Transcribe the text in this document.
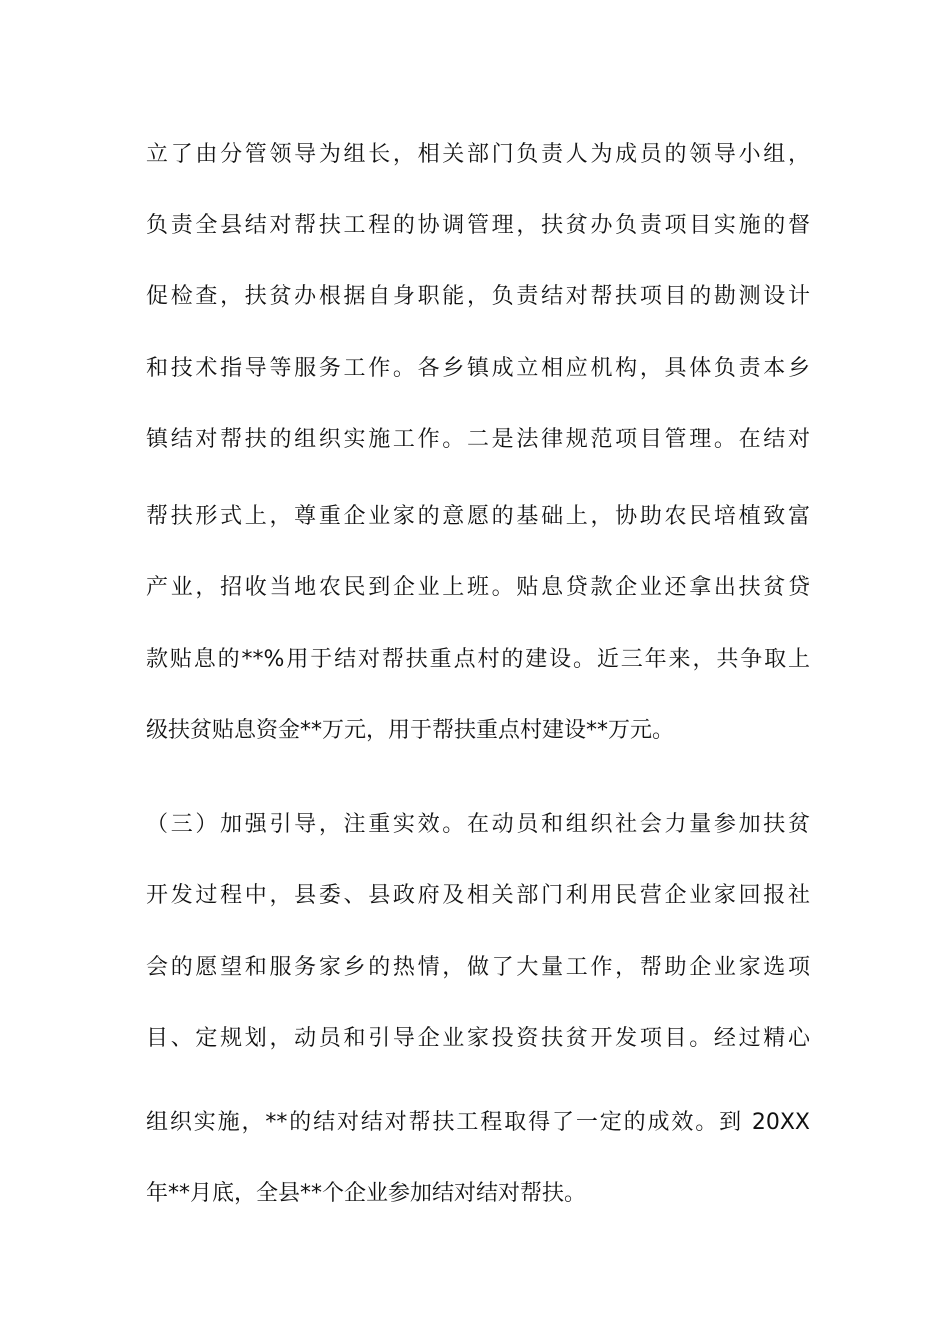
立了由分管领导为组长，相关部门负责人为成员的领导小组，
负责全县结对帮扶工程的协调管理，扶贫办负责项目实施的督
促检查，扶贫办根据自身职能，负责结对帮扶项目的勘测设计
和技术指导等服务工作。各乡镇成立相应机构，具体负责本乡
镇结对帮扶的组织实施工作。二是法律规范项目管理。在结对
帮扶形式上，尊重企业家的意愿的基础上，协助农民培植致富
产业，招收当地农民到企业上班。贴息贷款企业还拿出扶贫贷
款贴息的**%用于结对帮扶重点村的建设。近三年来，共争取上
级扶贫贴息资金**万元，用于帮扶重点村建设**万元。
（三）加强引导，注重实效。在动员和组织社会力量参加扶贫
开发过程中，县委、县政府及相关部门利用民营企业家回报社
会的愿望和服务家乡的热情，做了大量工作，帮助企业家选项
目、定规划，动员和引导企业家投资扶贫开发项目。经过精心
组织实施，**的结对结对帮扶工程取得了一定的成效。到 20XX
年**月底，全县**个企业参加结对结对帮扶。
